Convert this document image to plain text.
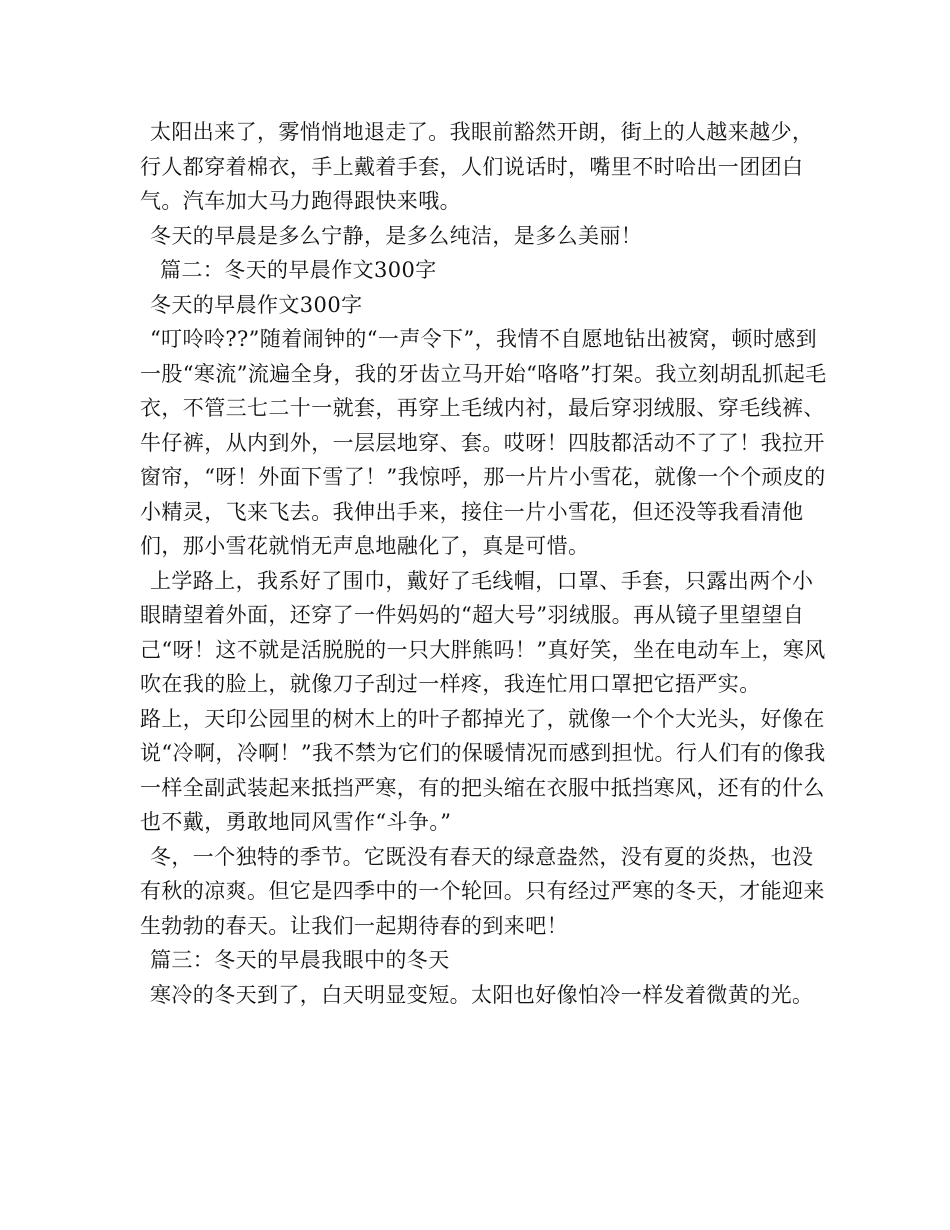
太阳出来了，雾悄悄地退走了。我眼前豁然开朗，街上的人越来越少，行人都穿着棉衣，手上戴着手套，人们说话时，嘴里不时哈出一团团白气。汽车加大马力跑得跟快来哦。

冬天的早晨是多么宁静，是多么纯洁，是多么美丽！

篇二：冬天的早晨作文300字

冬天的早晨作文300字

“叮呤呤??”随着闹钟的“一声令下”，我情不自愿地钻出被窝，顿时感到一股“寒流”流遍全身，我的牙齿立马开始“咯咯”打架。我立刻胡乱抓起毛衣，不管三七二十一就套，再穿上毛绒内衬，最后穿羽绒服、穿毛线裤、牛仔裤，从内到外，一层层地穿、套。哎呀！四肢都活动不了了！我拉开窗帘，“呀！外面下雪了！”我惊呼，那一片片小雪花，就像一个个顽皮的小精灵，飞来飞去。我伸出手来，接住一片小雪花，但还没等我看清他们，那小雪花就悄无声息地融化了，真是可惜。

上学路上，我系好了围巾，戴好了毛线帽，口罩、手套，只露出两个小眼睛望着外面，还穿了一件妈妈的“超大号”羽绒服。再从镜子里望望自己“呀！这不就是活脱脱的一只大胖熊吗！”真好笑，坐在电动车上，寒风吹在我的脸上，就像刀子刮过一样疼，我连忙用口罩把它捂严实。

路上，天印公园里的树木上的叶子都掉光了，就像一个个大光头，好像在说“冷啊，冷啊！”我不禁为它们的保暖情况而感到担忧。行人们有的像我一样全副武装起来抵挡严寒，有的把头缩在衣服中抵挡寒风，还有的什么也不戴，勇敢地同风雪作“斗争。”

冬，一个独特的季节。它既没有春天的绿意盎然，没有夏的炎热，也没有秋的凉爽。但它是四季中的一个轮回。只有经过严寒的冬天，才能迎来生勃勃的春天。让我们一起期待春的到来吧！

篇三：冬天的早晨我眼中的冬天

寒冷的冬天到了，白天明显变短。太阳也好像怕冷一样发着微黄的光。
